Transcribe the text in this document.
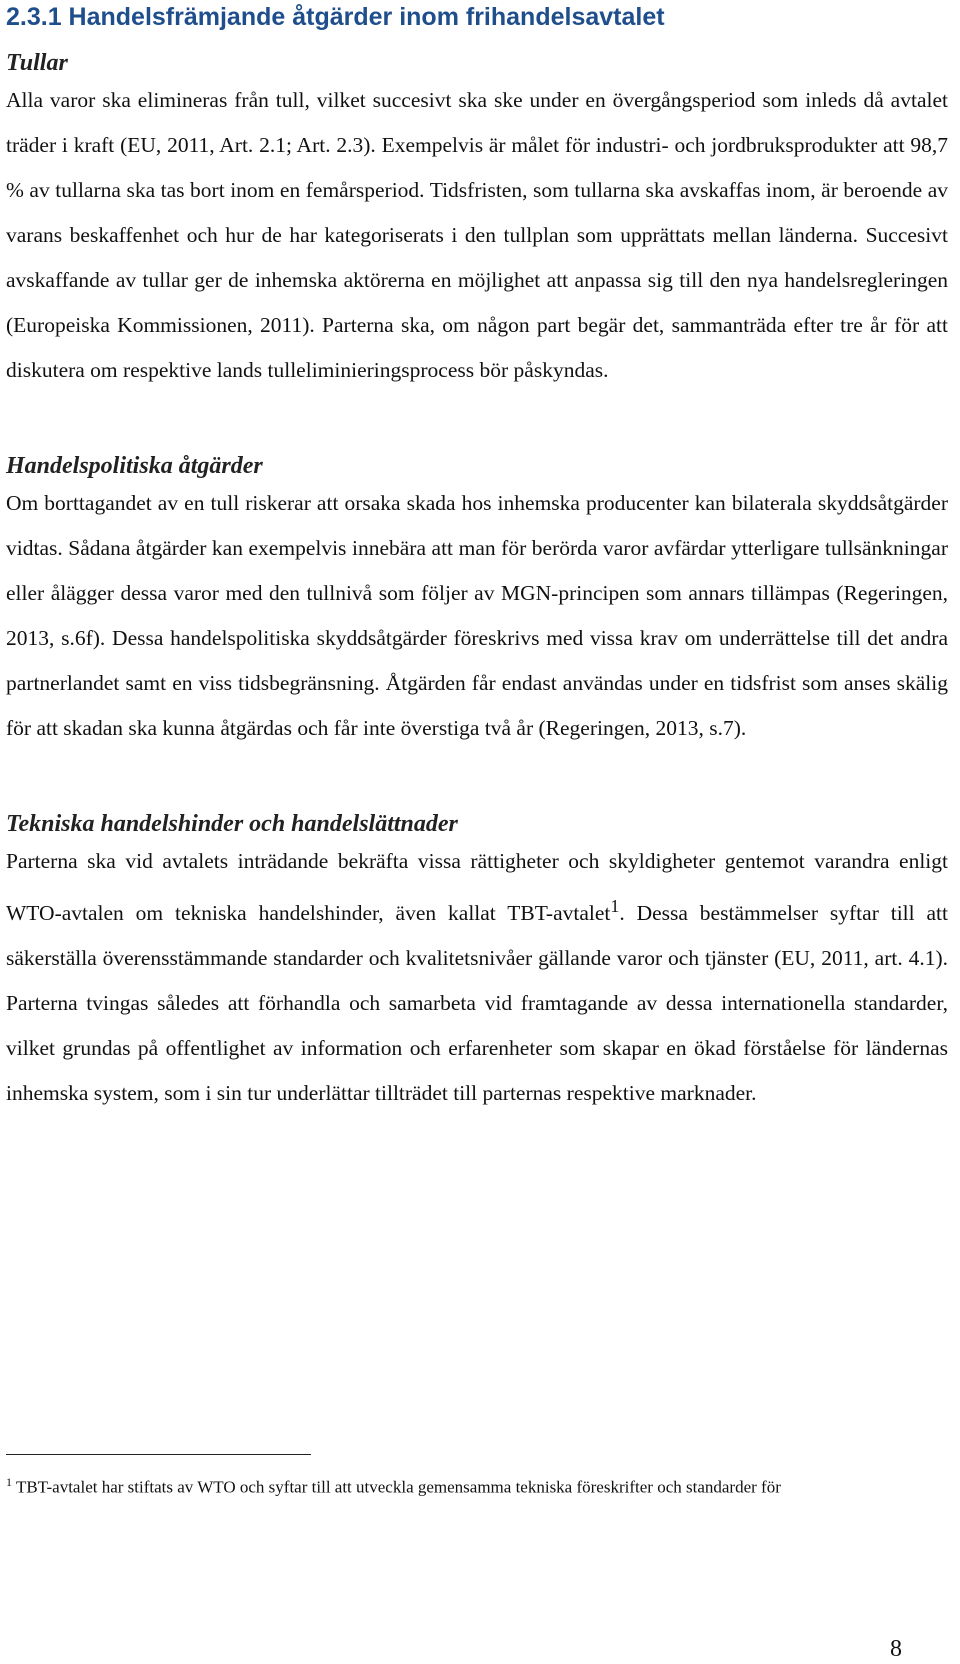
2.3.1 Handelsfrämjande åtgärder inom frihandelsavtalet
Tullar

Alla varor ska elimineras från tull, vilket succesivt ska ske under en övergångsperiod som inleds då avtalet träder i kraft (EU, 2011, Art. 2.1; Art. 2.3). Exempelvis är målet för industri- och jordbruksprodukter att 98,7 % av tullarna ska tas bort inom en femårsperiod. Tidsfristen, som tullarna ska avskaffas inom, är beroende av varans beskaffenhet och hur de har kategoriserats i den tullplan som upprättats mellan länderna. Succesivt avskaffande av tullar ger de inhemska aktörerna en möjlighet att anpassa sig till den nya handelsregleringen (Europeiska Kommissionen, 2011). Parterna ska, om någon part begär det, sammanträda efter tre år för att diskutera om respektive lands tulleliminieringsprocess bör påskyndas.

Handelspolitiska åtgärder

Om borttagandet av en tull riskerar att orsaka skada hos inhemska producenter kan bilaterala skyddsåtgärder vidtas. Sådana åtgärder kan exempelvis innebära att man för berörda varor avfärdar ytterligare tullsänkningar eller ålägger dessa varor med den tullnivå som följer av MGN-principen som annars tillämpas (Regeringen, 2013, s.6f). Dessa handelspolitiska skyddsåtgärder föreskrivs med vissa krav om underrättelse till det andra partnerlandet samt en viss tidsbegränsning. Åtgärden får endast användas under en tidsfrist som anses skälig för att skadan ska kunna åtgärdas och får inte överstiga två år (Regeringen, 2013, s.7).

Tekniska handelshinder och handelslättnader

Parterna ska vid avtalets inträdande bekräfta vissa rättigheter och skyldigheter gentemot varandra enligt WTO-avtalen om tekniska handelshinder, även kallat TBT-avtalet$^1$. Dessa bestämmelser syftar till att säkerställa överensstämmande standarder och kvalitetsnivåer gällande varor och tjänster (EU, 2011, art. 4.1). Parterna tvingas således att förhandla och samarbeta vid framtagande av dessa internationella standarder, vilket grundas på offentlighet av information och erfarenheter som skapar en ökad förståelse för ländernas inhemska system, som i sin tur underlättar tillträdet till parternas respektive marknader.

$^1$ TBT-avtalet har stiftats av WTO och syftar till att utveckla gemensamma tekniska föreskrifter och standarder för
8
